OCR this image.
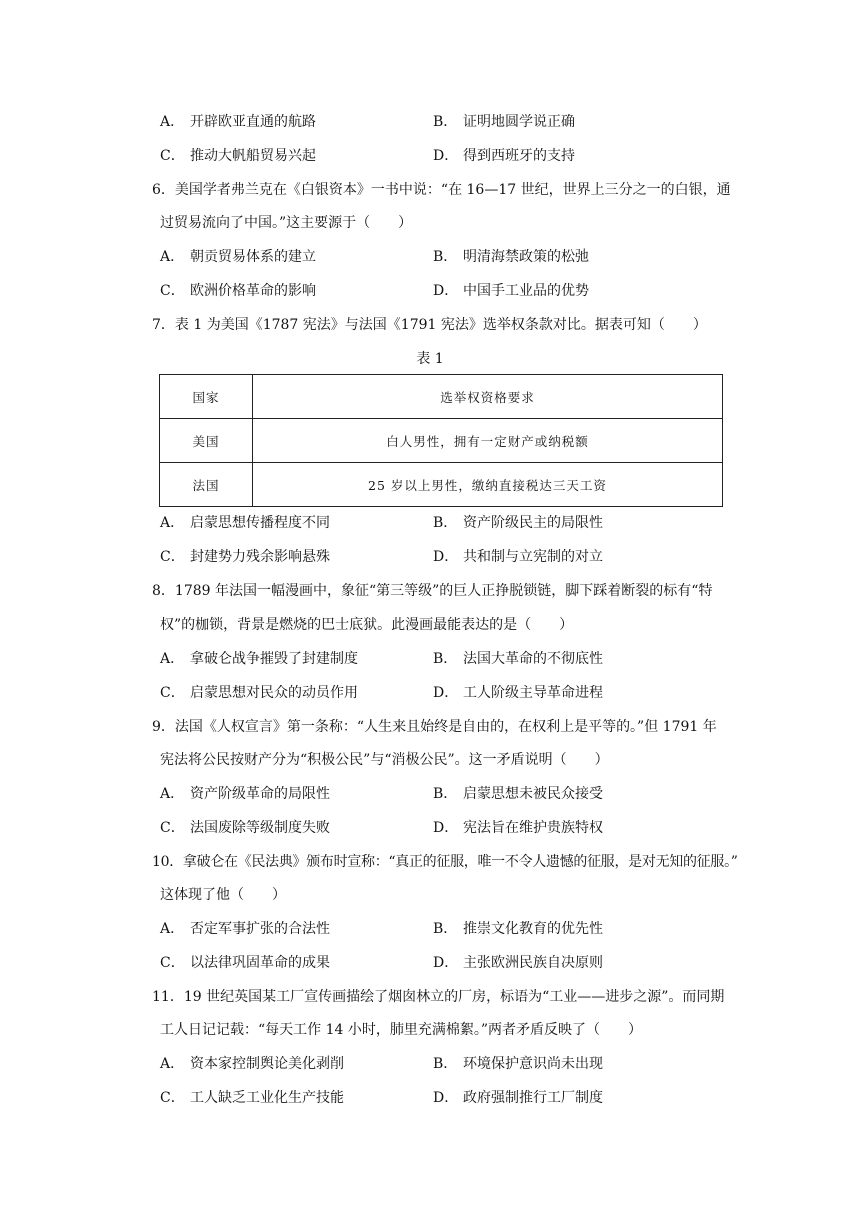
A． 开辟欧亚直通的航路	B． 证明地圆学说正确
C． 推动大帆船贸易兴起	D． 得到西班牙的支持
6．美国学者弗兰克在《白银资本》一书中说：“在 16—17 世纪，世界上三分之一的白银，通
过贸易流向了中国。”这主要源于（　　）
A． 朝贡贸易体系的建立	B． 明清海禁政策的松弛
C． 欧洲价格革命的影响	D． 中国手工业品的优势
7．表 1 为美国《1787 宪法》与法国《1791 宪法》选举权条款对比。据表可知（　　）
表 1
国家	选举权资格要求
美国	白人男性，拥有一定财产或纳税额
法国	25 岁以上男性，缴纳直接税达三天工资
A． 启蒙思想传播程度不同	B． 资产阶级民主的局限性
C． 封建势力残余影响悬殊	D． 共和制与立宪制的对立
8．1789 年法国一幅漫画中，象征“第三等级”的巨人正挣脱锁链，脚下踩着断裂的标有“特
权”的枷锁，背景是燃烧的巴士底狱。此漫画最能表达的是（　　）
A． 拿破仑战争摧毁了封建制度	B． 法国大革命的不彻底性
C． 启蒙思想对民众的动员作用	D． 工人阶级主导革命进程
9．法国《人权宣言》第一条称：“人生来且始终是自由的，在权利上是平等的。”但 1791 年
宪法将公民按财产分为“积极公民”与“消极公民”。这一矛盾说明（　　）
A． 资产阶级革命的局限性	B． 启蒙思想未被民众接受
C． 法国废除等级制度失败	D． 宪法旨在维护贵族特权
10．拿破仑在《民法典》颁布时宣称：“真正的征服，唯一不令人遗憾的征服，是对无知的征服。”
这体现了他（　　）
A． 否定军事扩张的合法性	B． 推崇文化教育的优先性
C． 以法律巩固革命的成果	D． 主张欧洲民族自决原则
11．19 世纪英国某工厂宣传画描绘了烟囱林立的厂房，标语为“工业——进步之源”。而同期
工人日记记载：“每天工作 14 小时，肺里充满棉絮。”两者矛盾反映了（　　）
A． 资本家控制舆论美化剥削	B． 环境保护意识尚未出现
C． 工人缺乏工业化生产技能	D． 政府强制推行工厂制度
